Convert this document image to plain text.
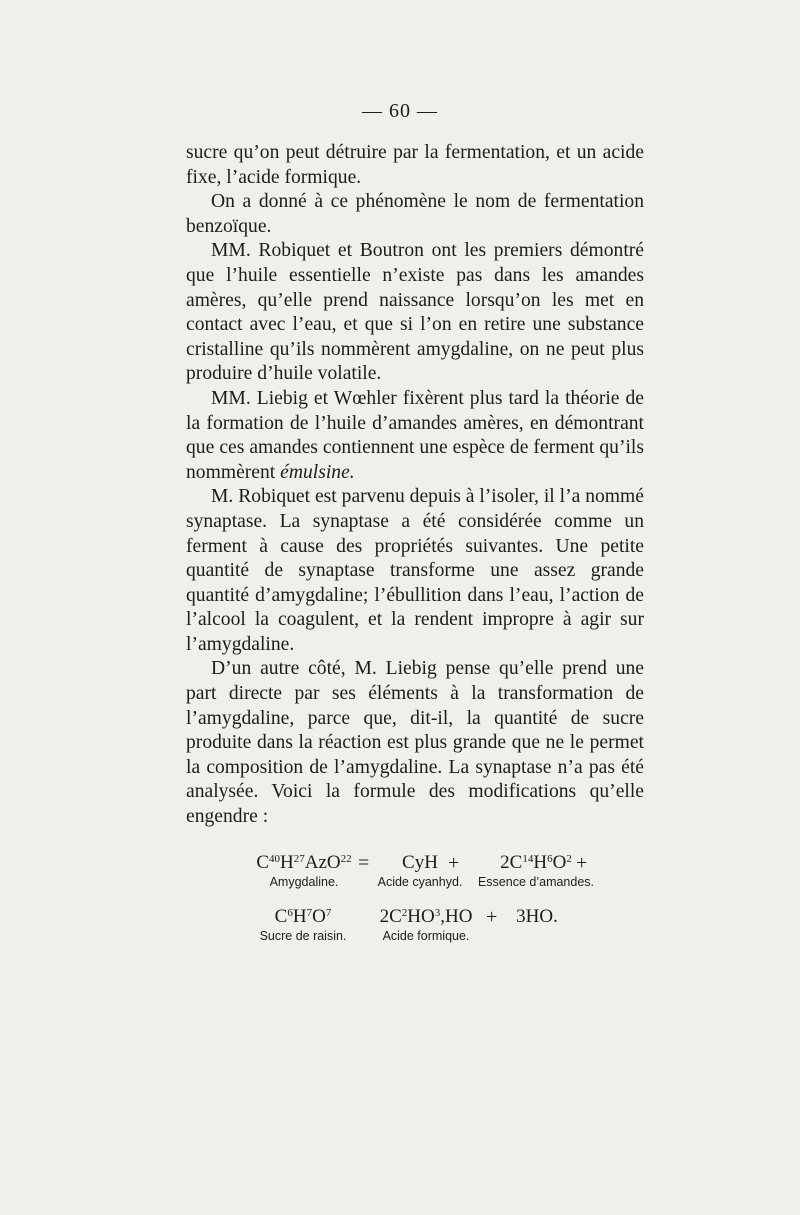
— 60 —

sucre qu’on peut détruire par la fermentation, et un acide fixe, l’acide formique.

On a donné à ce phénomène le nom de fermentation benzoïque.

MM. Robiquet et Boutron ont les premiers démontré que l’huile essentielle n’existe pas dans les amandes amères, qu’elle prend naissance lorsqu’on les met en contact avec l’eau, et que si l’on en retire une substance cristalline qu’ils nommèrent amygdaline, on ne peut plus produire d’huile volatile.

MM. Liebig et Wœhler fixèrent plus tard la théorie de la formation de l’huile d’amandes amères, en démontrant que ces amandes contiennent une espèce de ferment qu’ils nommèrent émulsine.

M. Robiquet est parvenu depuis à l’isoler, il l’a nommé synaptase. La synaptase a été considérée comme un ferment à cause des propriétés suivantes. Une petite quantité de synaptase transforme une assez grande quantité d’amygdaline; l’ébullition dans l’eau, l’action de l’alcool la coagulent, et la rendent impropre à agir sur l’amygdaline.

D’un autre côté, M. Liebig pense qu’elle prend une part directe par ses éléments à la transformation de l’amygdaline, parce que, dit-il, la quantité de sucre produite dans la réaction est plus grande que ne le permet la composition de l’amygdaline. La synaptase n’a pas été analysée. Voici la formule des modifications qu’elle engendre :

$C^{40}H^{27}AzO^{22}$
Amygdaline.
=	CyH
Acide cyanhyd.
+	$2C^{14}H^6O^2$
Essence d’amandes.
+
$C^6H^7O^7$
Sucre de raisin.
$2C^2HO^3,HO$
Acide formique.
+ 3HO.
